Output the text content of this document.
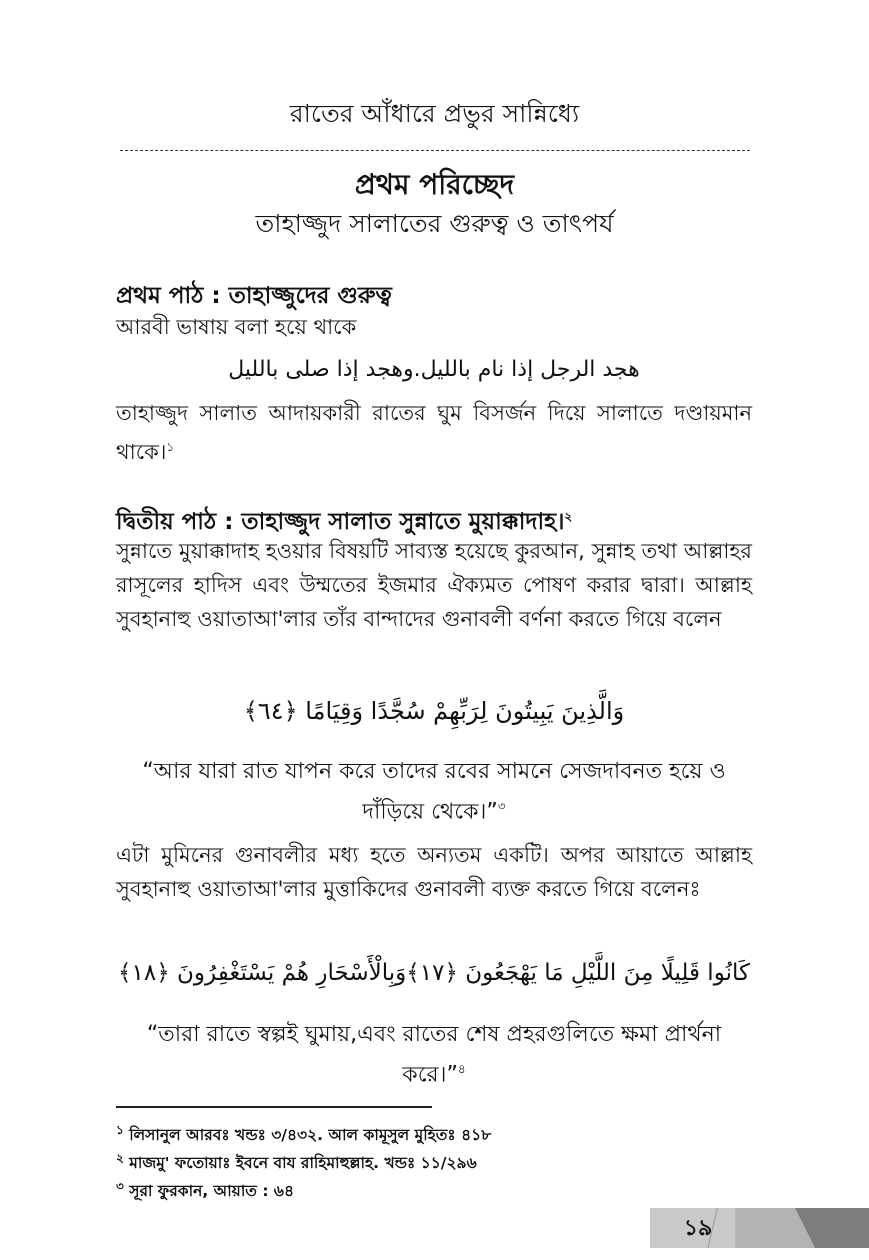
রাতের আঁধারে প্রভুর সান্নিধ্যে
প্রথম পরিচ্ছেদ
তাহাজ্জুদ সালাতের গুরুত্ব ও তাৎপর্য
প্রথম পাঠ : তাহাজ্জুদের গুরুত্ব
আরবী ভাষায় বলা হয়ে থাকে
هجد الرجل إذا نام بالليل.وهجد إذا صلى بالليل
তাহাজ্জুদ সালাত আদায়কারী রাতের ঘুম বিসর্জন দিয়ে সালাতে দণ্ডায়মান থাকে।$^১$
দ্বিতীয় পাঠ : তাহাজ্জুদ সালাত সুন্নাতে মুয়াক্কাদাহ।$^২$
সুন্নাতে মুয়াক্কাদাহ হওয়ার বিষয়টি সাব্যস্ত হয়েছে কুরআন, সুন্নাহ তথা আল্লাহর রাসূলের হাদিস এবং উম্মতের ইজমার ঐক্যমত পোষণ করার দ্বারা। আল্লাহ সুবহানাহু ওয়াতাআ'লার তাঁর বান্দাদের গুনাবলী বর্ণনা করতে গিয়ে বলেন
وَالَّذِينَ يَبِيتُونَ لِرَبِّهِمْ سُجَّدًا وَقِيَامًا ﴿٦٤﴾
“আর যারা রাত যাপন করে তাদের রবের সামনে সেজদাবনত হয়ে ও দাঁড়িয়ে থেকে।”$^৩$
এটা মুমিনের গুনাবলীর মধ্য হতে অন্যতম একটি। অপর আয়াতে আল্লাহ সুবহানাহু ওয়াতাআ'লার মুত্তাকিদের গুনাবলী ব্যক্ত করতে গিয়ে বলেনঃ
كَانُوا قَلِيلًا مِنَ اللَّيْلِ مَا يَهْجَعُونَ ﴿١٧﴾وَبِالْأَسْحَارِ هُمْ يَسْتَغْفِرُونَ ﴿١٨﴾
“তারা রাতে স্বল্পই ঘুমায়,এবং রাতের শেষ প্রহরগুলিতে ক্ষমা প্রার্থনা করে।”$^৪$
$^১$ লিসানুল আরবঃ খন্ডঃ ৩/৪৩২. আল কামূসুল মুহিতঃ ৪১৮
$^২$ মাজমু' ফতোয়াঃ ইবনে বায রাহিমাহুল্লাহ. খন্ডঃ ১১/২৯৬
$^৩$ সূরা ফুরকান, আয়াত : ৬৪
১৯
